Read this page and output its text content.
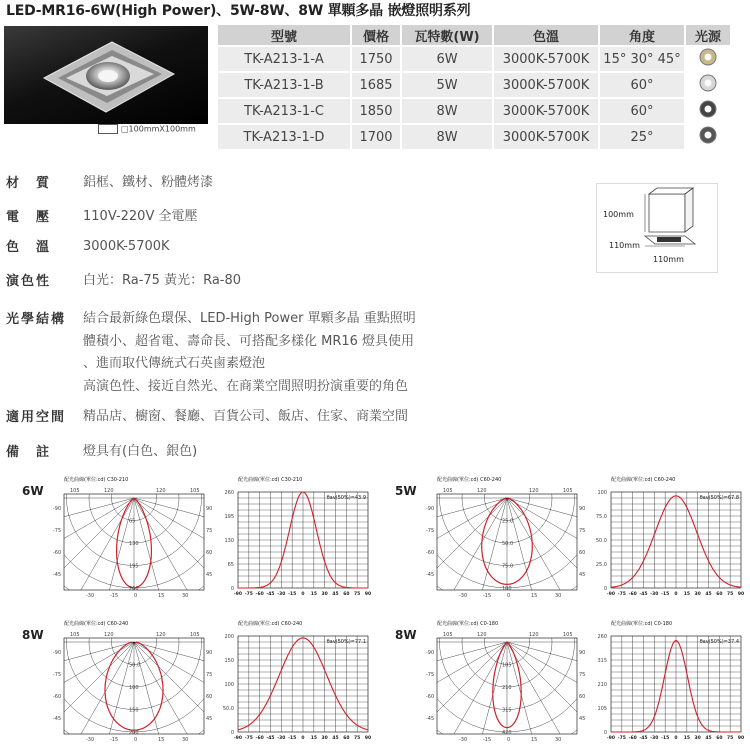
LED-MR16-6W(High Power)、5W-8W、8W 單顆多晶 嵌燈照明系列
□100mmX100mm
型號	價格	瓦特數(W)	色溫	角度	光源
TK-A213-1-A	1750	6W	3000K-5700K	15° 30° 45°	
TK-A213-1-B	1685	5W	3000K-5700K	60°	
TK-A213-1-C	1850	8W	3000K-5700K	60°	
TK-A213-1-D	1700	8W	3000K-5700K	25°	
材　質	鋁框、鐵材、粉體烤漆
電　壓	110V-220V 全電壓
色　溫	3000K-5700K
演色性	白光：Ra-75 黃光：Ra-80
光學結構	結合最新綠色環保、LED-High Power 單顆多晶 重點照明
體積小、超省電、壽命長、可搭配多樣化 MR16 燈具使用
、進而取代傳統式石英鹵素燈泡
高演色性、接近自然光、在商業空間照明扮演重要的角色
適用空間	精品店、櫥窗、餐廳、百貨公司、飯店、住家、商業空間
備　註	燈具有(白色、銀色)
100mm
110mm
110mm
6W
配光曲線(單位:cd) C30-210
65
130
195
260
105	120	120	105
-90
-75
-60
-45
90
75
60
45
-30	-15	0	15	30
配光曲線(單位:cd) C30-210
260
195
130
65
0
-90 -75 -60 -45 -30 -15 0 15 30 45 60 75 90
θav(50%)=43.9 5W
配光曲線(單位:cd) C60-240
25.0
50.0
75.0
100
105	120	120	105
-90
-75
-60
-45
90
75
60
45
-30	-15	0	15	30
配光曲線(單位:cd) C60-240
100
75.0
50.0
25.0
0
-90 -75 -60 -45 -30 -15 0 15 30 45 60 75 90
θav(50%)=67.8
8W
配光曲線(單位:cd) C60-240
50.0
100
150
200
105	120	120	105
-90
-75
-60
-45
90
75
60
45
-30	-15	0	15	30
配光曲線(單位:cd) C60-240
200
150
100
50.0
0
-90 -75 -60 -45 -30 -15 0 15 30 45 60 75 90
θav(50%)=77.1 8W
配光曲線(單位:cd) C0-180
105
210
315
420
105	120	120	105
-90
-75
-60
-45
90
75
60
45
-30	-15	0	15	30
配光曲線(單位:cd) C0-180
260
315
210
105
0
-90 -75 -60 -45 -30 -15 0 15 30 45 60 75 90
θav(50%)=37.4
